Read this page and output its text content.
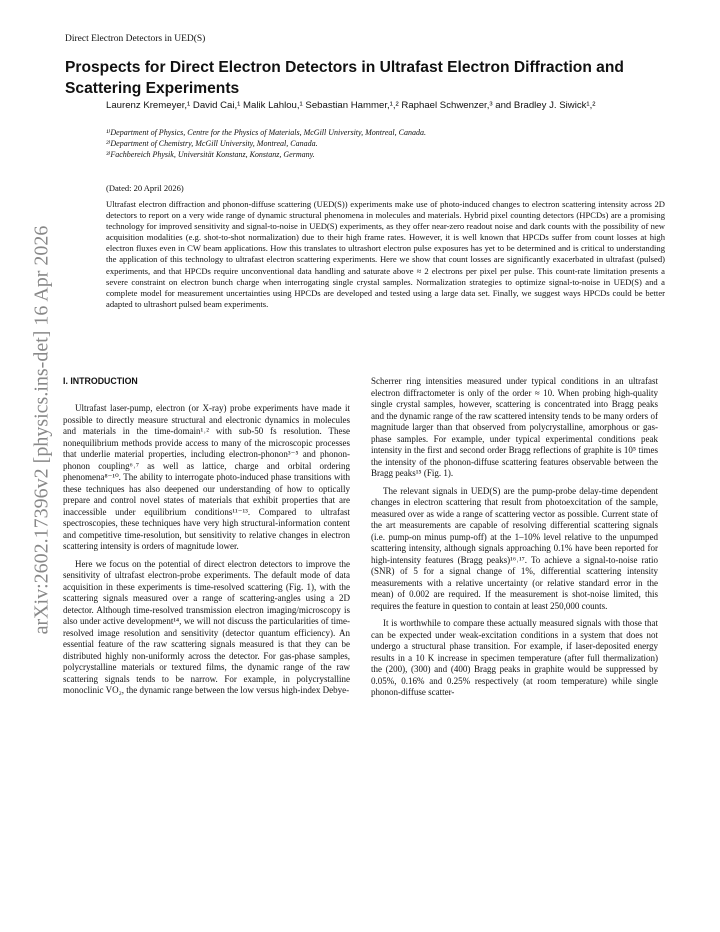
Direct Electron Detectors in UED(S)
Prospects for Direct Electron Detectors in Ultrafast Electron Diffraction and Scattering Experiments
Laurenz Kremeyer,¹ David Cai,¹ Malik Lahlou,¹ Sebastian Hammer,¹,² Raphael Schwenzer,³ and Bradley J. Siwick¹,²
¹⁾Department of Physics, Centre for the Physics of Materials, McGill University, Montreal, Canada.
²⁾Department of Chemistry, McGill University, Montreal, Canada.
³⁾Fachbereich Physik, Universität Konstanz, Konstanz, Germany.
(Dated: 20 April 2026)
Ultrafast electron diffraction and phonon-diffuse scattering (UED(S)) experiments make use of photo-induced changes to electron scattering intensity across 2D detectors to report on a very wide range of dynamic structural phenomena in molecules and materials. Hybrid pixel counting detectors (HPCDs) are a promising technology for improved sensitivity and signal-to-noise in UED(S) experiments, as they offer near-zero readout noise and dark counts with the possibility of new acquisition modalities (e.g. shot-to-shot normalization) due to their high frame rates. However, it is well known that HPCDs suffer from count losses at high electron fluxes even in CW beam applications. How this translates to ultrashort electron pulse exposures has yet to be determined and is critical to understanding the application of this technology to ultrafast electron scattering experiments. Here we show that count losses are significantly exacerbated in ultrafast (pulsed) experiments, and that HPCDs require unconventional data handling and saturate above ≈ 2 electrons per pixel per pulse. This count-rate limitation presents a severe constraint on electron bunch charge when interrogating single crystal samples. Normalization strategies to optimize signal-to-noise in UED(S) and a complete model for measurement uncertainties using HPCDs are developed and tested using a large data set. Finally, we suggest ways HPCDs could be better adapted to ultrashort pulsed beam experiments.
arXiv:2602.17396v2 [physics.ins-det] 16 Apr 2026 I. INTRODUCTION

Ultrafast laser-pump, electron (or X-ray) probe experiments have made it possible to directly measure structural and electronic dynamics in molecules and materials in the time-domain¹˒² with sub-50 fs resolution. These nonequilibrium methods provide access to many of the microscopic processes that underlie material properties, including electron-phonon³⁻⁵ and phonon-phonon coupling⁶˒⁷ as well as lattice, charge and orbital ordering phenomena⁸⁻¹⁰. The ability to interrogate photo-induced phase transitions with these techniques has also deepened our understanding of how to optically prepare and control novel states of materials that exhibit properties that are inaccessible under equilibrium conditions¹¹⁻¹³. Compared to ultrafast spectroscopies, these techniques have very high structural-information content and competitive time-resolution, but sensitivity to relative changes in electron scattering intensity is orders of magnitude lower.

Here we focus on the potential of direct electron detectors to improve the sensitivity of ultrafast electron-probe experiments. The default mode of data acquisition in these experiments is time-resolved scattering (Fig. 1), with the scattering signals measured over a range of scattering-angles using a 2D detector. Although time-resolved transmission electron imaging/microscopy is also under active development¹⁴, we will not discuss the particularities of time-resolved image resolution and sensitivity (detector quantum efficiency). An essential feature of the raw scattering signals measured is that they can be distributed highly non-uniformly across the detector. For gas-phase samples, polycrystalline materials or textured films, the dynamic range of the raw scattering signals tends to be narrow. For example, in polycrystalline monoclinic VO₂, the dynamic range between the low versus high-index Debye-

Scherrer ring intensities measured under typical conditions in an ultrafast electron diffractometer is only of the order ≈ 10. When probing high-quality single crystal samples, however, scattering is concentrated into Bragg peaks and the dynamic range of the raw scattered intensity tends to be many orders of magnitude larger than that observed from polycrystalline, amorphous or gas-phase samples. For example, under typical experimental conditions peak intensity in the first and second order Bragg reflections of graphite is 10⁵ times the intensity of the phonon-diffuse scattering features observable between the Bragg peaks¹⁵ (Fig. 1).

The relevant signals in UED(S) are the pump-probe delay-time dependent changes in electron scattering that result from photoexcitation of the sample, measured over as wide a range of scattering vector as possible. Current state of the art measurements are capable of resolving differential scattering signals (i.e. pump-on minus pump-off) at the 1–10% level relative to the unpumped scattering intensity, although signals approaching 0.1% have been reported for high-intensity features (Bragg peaks)¹⁶˒¹⁷. To achieve a signal-to-noise ratio (SNR) of 5 for a signal change of 1%, differential scattering intensity measurements with a relative uncertainty (or relative standard error in the mean) of 0.002 are required. If the measurement is shot-noise limited, this requires the feature in question to contain at least 250,000 counts.

It is worthwhile to compare these actually measured signals with those that can be expected under weak-excitation conditions in a system that does not undergo a structural phase transition. For example, if laser-deposited energy results in a 10 K increase in specimen temperature (after full thermalization) the (200), (300) and (400) Bragg peaks in graphite would be suppressed by 0.05%, 0.16% and 0.25% respectively (at room temperature) while single phonon-diffuse scatter-
